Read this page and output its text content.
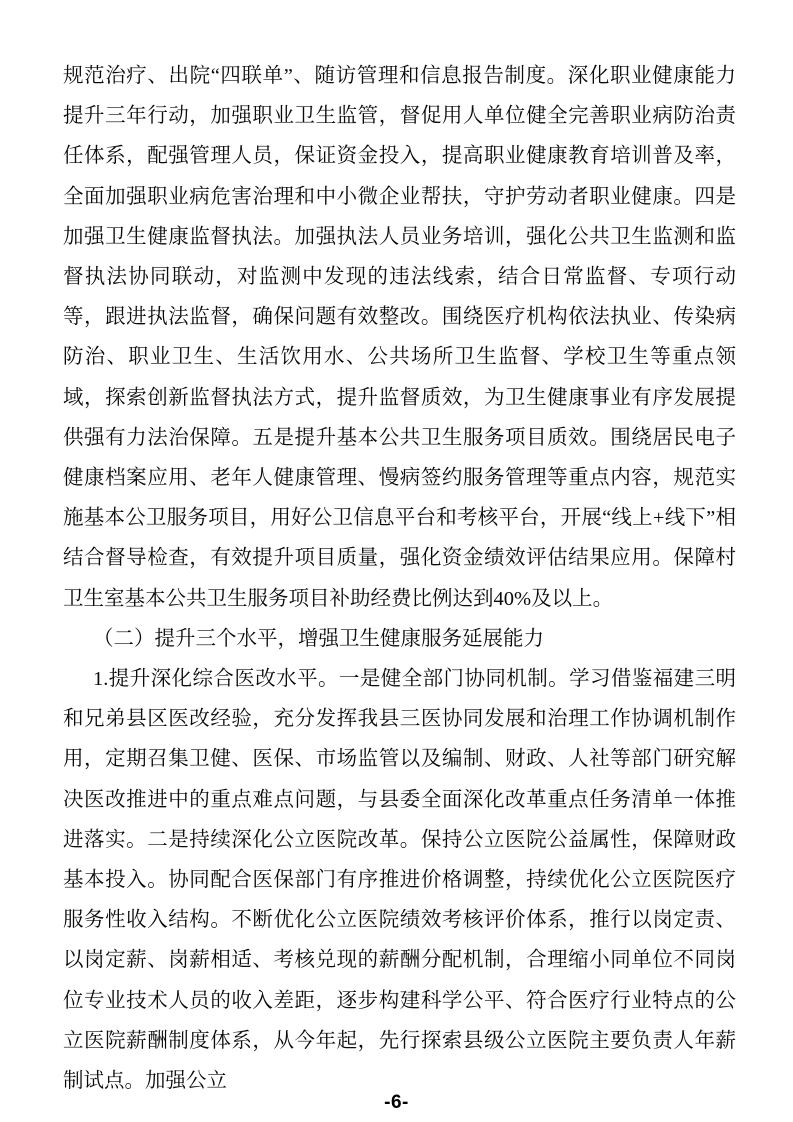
规范治疗、出院“四联单”、随访管理和信息报告制度。深化职业健康能力提升三年行动，加强职业卫生监管，督促用人单位健全完善职业病防治责任体系，配强管理人员，保证资金投入，提高职业健康教育培训普及率，全面加强职业病危害治理和中小微企业帮扶，守护劳动者职业健康。四是加强卫生健康监督执法。加强执法人员业务培训，强化公共卫生监测和监督执法协同联动，对监测中发现的违法线索，结合日常监督、专项行动等，跟进执法监督，确保问题有效整改。围绕医疗机构依法执业、传染病防治、职业卫生、生活饮用水、公共场所卫生监督、学校卫生等重点领域，探索创新监督执法方式，提升监督质效，为卫生健康事业有序发展提供强有力法治保障。五是提升基本公共卫生服务项目质效。围绕居民电子健康档案应用、老年人健康管理、慢病签约服务管理等重点内容，规范实施基本公卫服务项目，用好公卫信息平台和考核平台，开展“线上+线下”相结合督导检查，有效提升项目质量，强化资金绩效评估结果应用。保障村卫生室基本公共卫生服务项目补助经费比例达到40%及以上。

（二）提升三个水平，增强卫生健康服务延展能力

1.提升深化综合医改水平。一是健全部门协同机制。学习借鉴福建三明和兄弟县区医改经验，充分发挥我县三医协同发展和治理工作协调机制作用，定期召集卫健、医保、市场监管以及编制、财政、人社等部门研究解决医改推进中的重点难点问题，与县委全面深化改革重点任务清单一体推进落实。二是持续深化公立医院改革。保持公立医院公益属性，保障财政基本投入。协同配合医保部门有序推进价格调整，持续优化公立医院医疗服务性收入结构。不断优化公立医院绩效考核评价体系，推行以岗定责、以岗定薪、岗薪相适、考核兑现的薪酬分配机制，合理缩小同单位不同岗位专业技术人员的收入差距，逐步构建科学公平、符合医疗行业特点的公立医院薪酬制度体系，从今年起，先行探索县级公立医院主要负责人年薪制试点。加强公立

-6-
